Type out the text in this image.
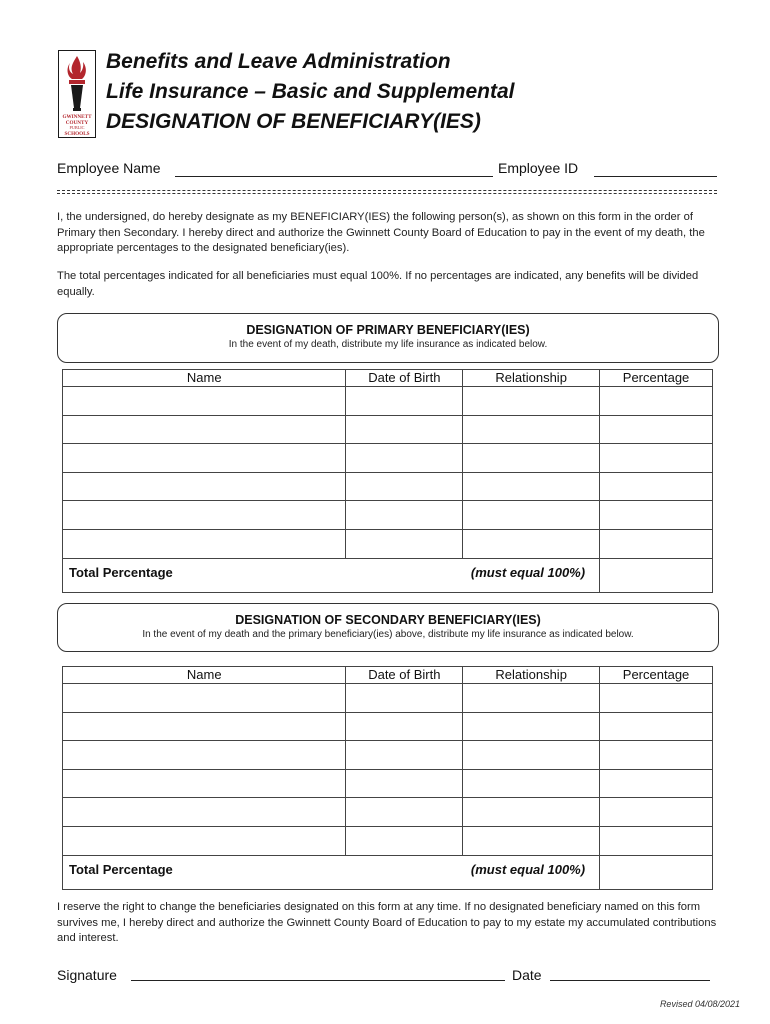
GWINNETT
COUNTY
PUBLIC
SCHOOLS
Benefits and Leave Administration
Life Insurance – Basic and Supplemental
DESIGNATION OF BENEFICIARY(IES)
Employee Name	Employee ID
I, the undersigned, do hereby designate as my BENEFICIARY(IES) the following person(s), as shown on this form in the order of Primary then Secondary. I hereby direct and authorize the Gwinnett County Board of Education to pay in the event of my death, the appropriate percentages to the designated beneficiary(ies).
The total percentages indicated for all beneficiaries must equal 100%. If no percentages are indicated, any benefits will be divided equally.
DESIGNATION OF PRIMARY BENEFICIARY(IES)
In the event of my death, distribute my life insurance as indicated below.
Name	Date of Birth	Relationship	Percentage

Total Percentage		(must equal 100%)	
DESIGNATION OF SECONDARY BENEFICIARY(IES)
In the event of my death and the primary beneficiary(ies) above, distribute my life insurance as indicated below.
Name	Date of Birth	Relationship	Percentage

Total Percentage		(must equal 100%)	
I reserve the right to change the beneficiaries designated on this form at any time. If no designated beneficiary named on this form survives me, I hereby direct and authorize the Gwinnett County Board of Education to pay to my estate my accumulated contributions and interest.
Signature	Date
Revised 04/08/2021
